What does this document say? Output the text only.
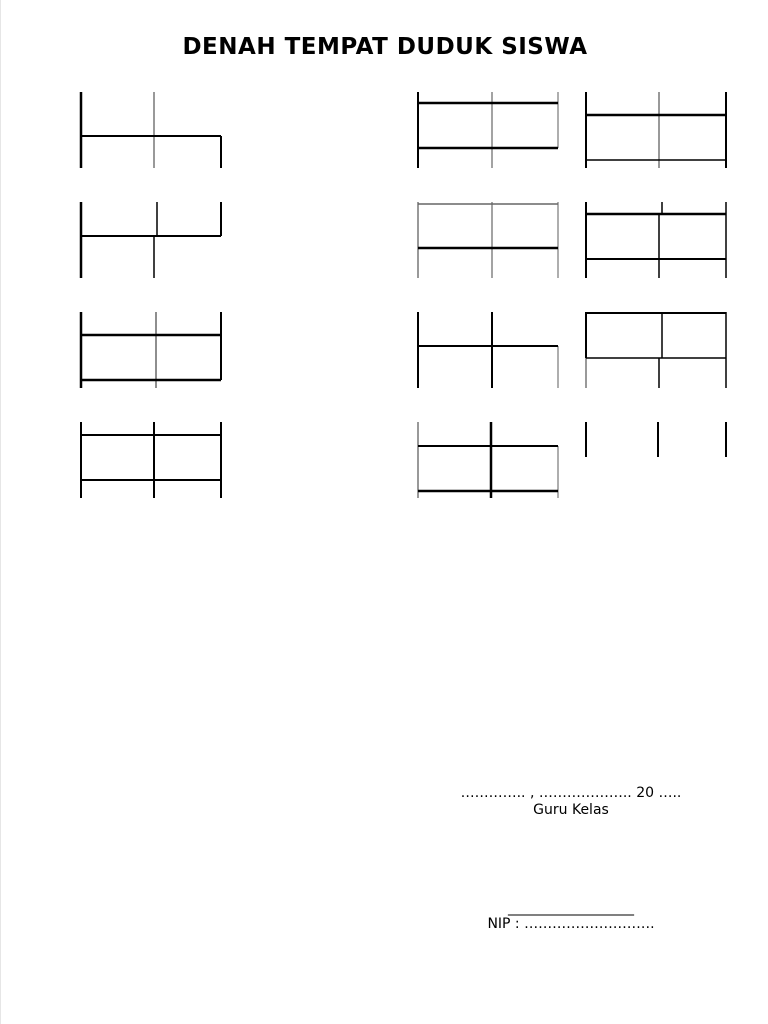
DENAH TEMPAT DUDUK SISWA
………….. , ……………….. 20 …..
Guru Kelas
__________________
NIP : ……………………….
